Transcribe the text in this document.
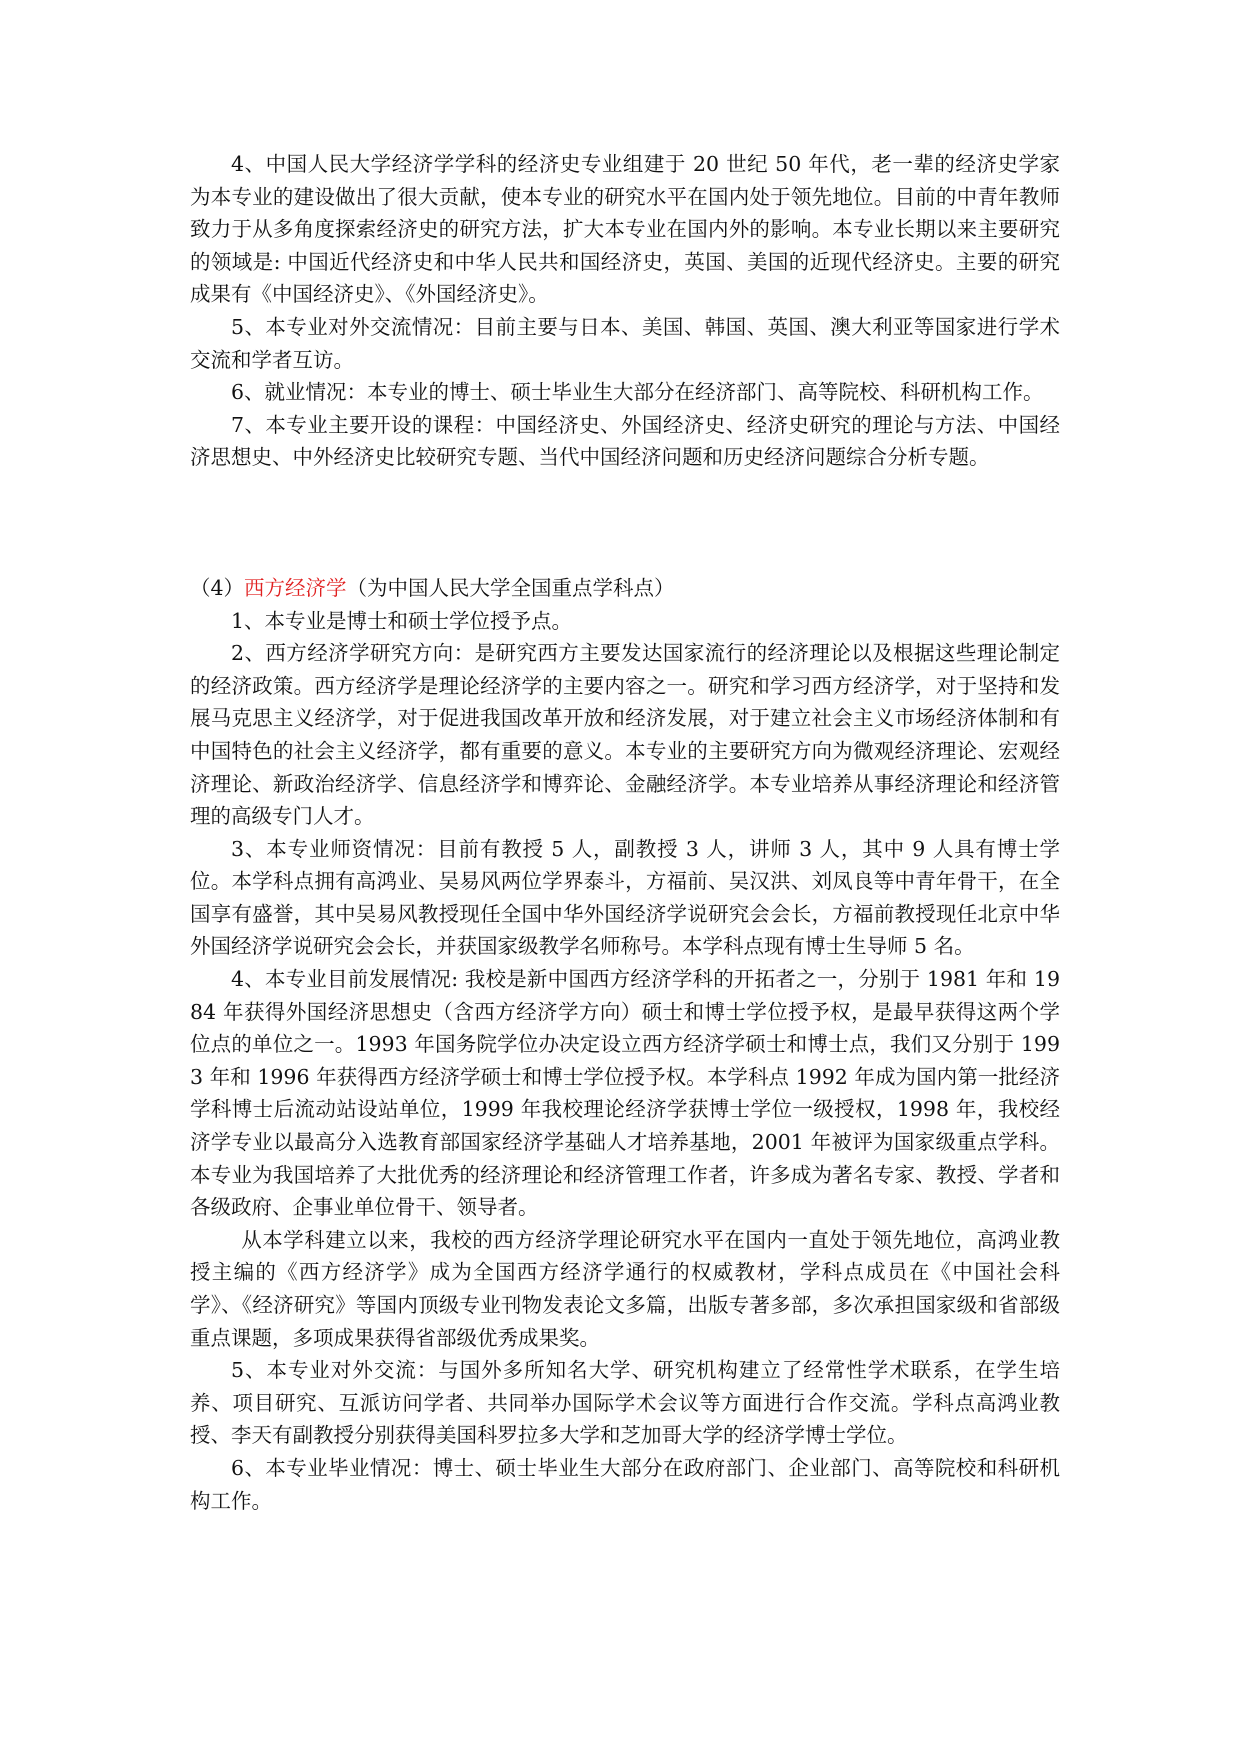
4、中国人民大学经济学学科的经济史专业组建于 20 世纪 50 年代，老一辈的经济史学家为本专业的建设做出了很大贡献，使本专业的研究水平在国内处于领先地位。目前的中青年教师致力于从多角度探索经济史的研究方法，扩大本专业在国内外的影响。本专业长期以来主要研究的领域是: 中国近代经济史和中华人民共和国经济史，英国、美国的近现代经济史。主要的研究成果有《中国经济史》、《外国经济史》。

5、本专业对外交流情况：目前主要与日本、美国、韩国、英国、澳大利亚等国家进行学术交流和学者互访。

6、就业情况：本专业的博士、硕士毕业生大部分在经济部门、高等院校、科研机构工作。

7、本专业主要开设的课程：中国经济史、外国经济史、经济史研究的理论与方法、中国经济思想史、中外经济史比较研究专题、当代中国经济问题和历史经济问题综合分析专题。

（4）西方经济学（为中国人民大学全国重点学科点）

1、本专业是博士和硕士学位授予点。

2、西方经济学研究方向：是研究西方主要发达国家流行的经济理论以及根据这些理论制定的经济政策。西方经济学是理论经济学的主要内容之一。研究和学习西方经济学，对于坚持和发展马克思主义经济学，对于促进我国改革开放和经济发展，对于建立社会主义市场经济体制和有中国特色的社会主义经济学，都有重要的意义。本专业的主要研究方向为微观经济理论、宏观经济理论、新政治经济学、信息经济学和博弈论、金融经济学。本专业培养从事经济理论和经济管理的高级专门人才。

3、本专业师资情况：目前有教授 5 人，副教授 3 人，讲师 3 人，其中 9 人具有博士学位。本学科点拥有高鸿业、吴易风两位学界泰斗，方福前、吴汉洪、刘凤良等中青年骨干，在全国享有盛誉，其中吴易风教授现任全国中华外国经济学说研究会会长，方福前教授现任北京中华外国经济学说研究会会长，并获国家级教学名师称号。本学科点现有博士生导师 5 名。

4、本专业目前发展情况: 我校是新中国西方经济学科的开拓者之一，分别于 1981 年和 1984 年获得外国经济思想史（含西方经济学方向）硕士和博士学位授予权，是最早获得这两个学位点的单位之一。1993 年国务院学位办决定设立西方经济学硕士和博士点，我们又分别于 1993 年和 1996 年获得西方经济学硕士和博士学位授予权。本学科点 1992 年成为国内第一批经济学科博士后流动站设站单位，1999 年我校理论经济学获博士学位一级授权，1998 年，我校经济学专业以最高分入选教育部国家经济学基础人才培养基地，2001 年被评为国家级重点学科。本专业为我国培养了大批优秀的经济理论和经济管理工作者，许多成为著名专家、教授、学者和各级政府、企事业单位骨干、领导者。

从本学科建立以来，我校的西方经济学理论研究水平在国内一直处于领先地位，高鸿业教授主编的《西方经济学》成为全国西方经济学通行的权威教材，学科点成员在《中国社会科学》、《经济研究》等国内顶级专业刊物发表论文多篇，出版专著多部，多次承担国家级和省部级重点课题，多项成果获得省部级优秀成果奖。

5、本专业对外交流：与国外多所知名大学、研究机构建立了经常性学术联系，在学生培养、项目研究、互派访问学者、共同举办国际学术会议等方面进行合作交流。学科点高鸿业教授、李天有副教授分别获得美国科罗拉多大学和芝加哥大学的经济学博士学位。

6、本专业毕业情况：博士、硕士毕业生大部分在政府部门、企业部门、高等院校和科研机构工作。
